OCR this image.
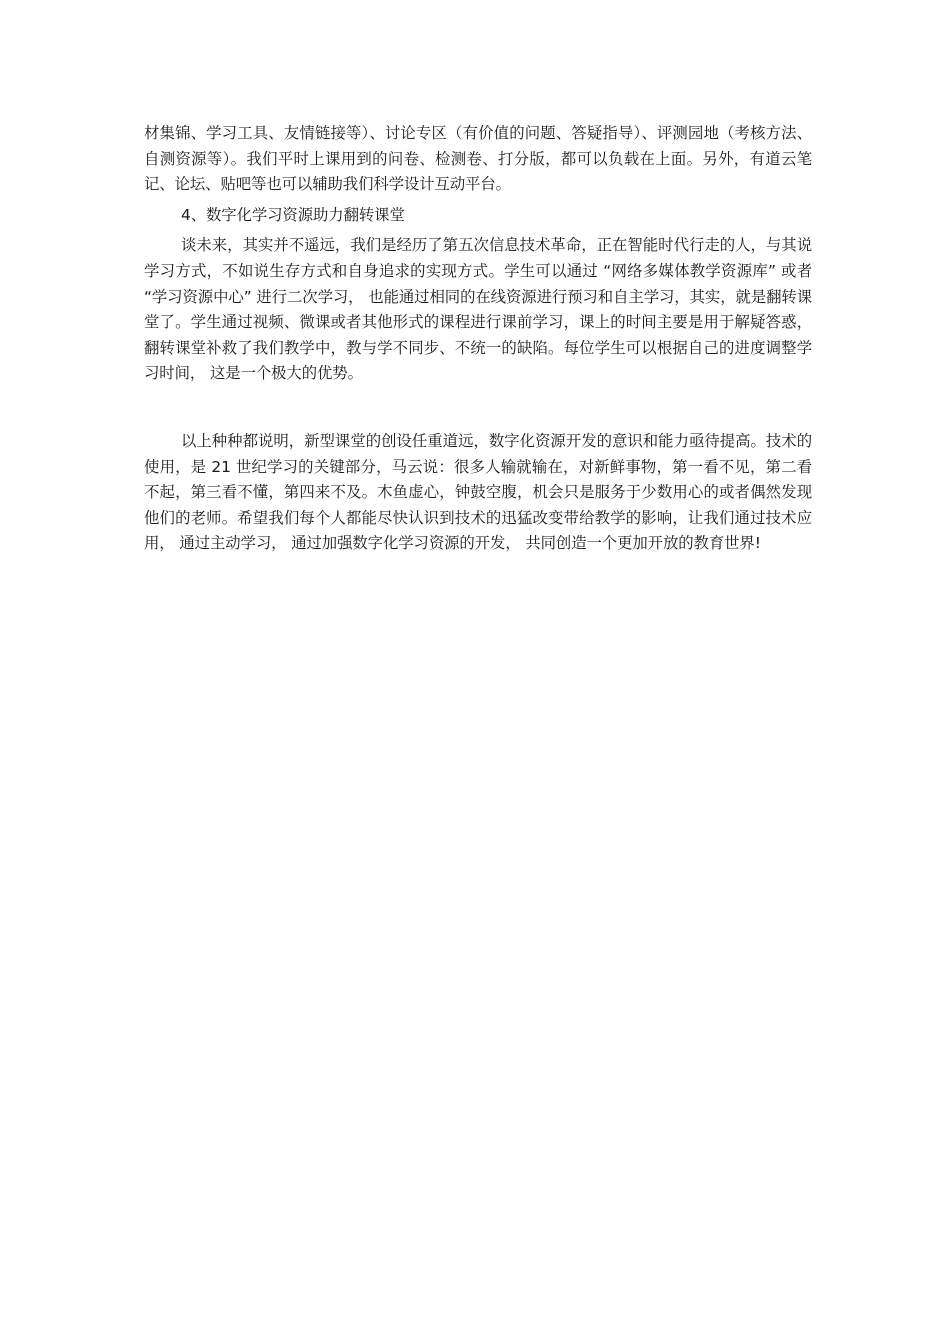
材集锦、学习工具、友情链接等）、讨论专区（有价值的问题、答疑指导）、评测园地（考核方法、自测资源等）。我们平时上课用到的问卷、检测卷、打分版，都可以负载在上面。另外，有道云笔记、论坛、贴吧等也可以辅助我们科学设计互动平台。

4、数字化学习资源助力翻转课堂

谈未来，其实并不遥远，我们是经历了第五次信息技术革命，正在智能时代行走的人，与其说学习方式，不如说生存方式和自身追求的实现方式。学生可以通过 “网络多媒体教学资源库” 或者 “学习资源中心” 进行二次学习， 也能通过相同的在线资源进行预习和自主学习，其实，就是翻转课堂了。学生通过视频、微课或者其他形式的课程进行课前学习，课上的时间主要是用于解疑答惑，翻转课堂补救了我们教学中，教与学不同步、不统一的缺陷。每位学生可以根据自己的进度调整学习时间， 这是一个极大的优势。

以上种种都说明，新型课堂的创设任重道远，数字化资源开发的意识和能力亟待提高。技术的使用，是 21 世纪学习的关键部分，马云说：很多人输就输在，对新鲜事物，第一看不见，第二看不起，第三看不懂，第四来不及。木鱼虚心，钟鼓空腹，机会只是服务于少数用心的或者偶然发现他们的老师。希望我们每个人都能尽快认识到技术的迅猛改变带给教学的影响，让我们通过技术应用， 通过主动学习， 通过加强数字化学习资源的开发， 共同创造一个更加开放的教育世界!
